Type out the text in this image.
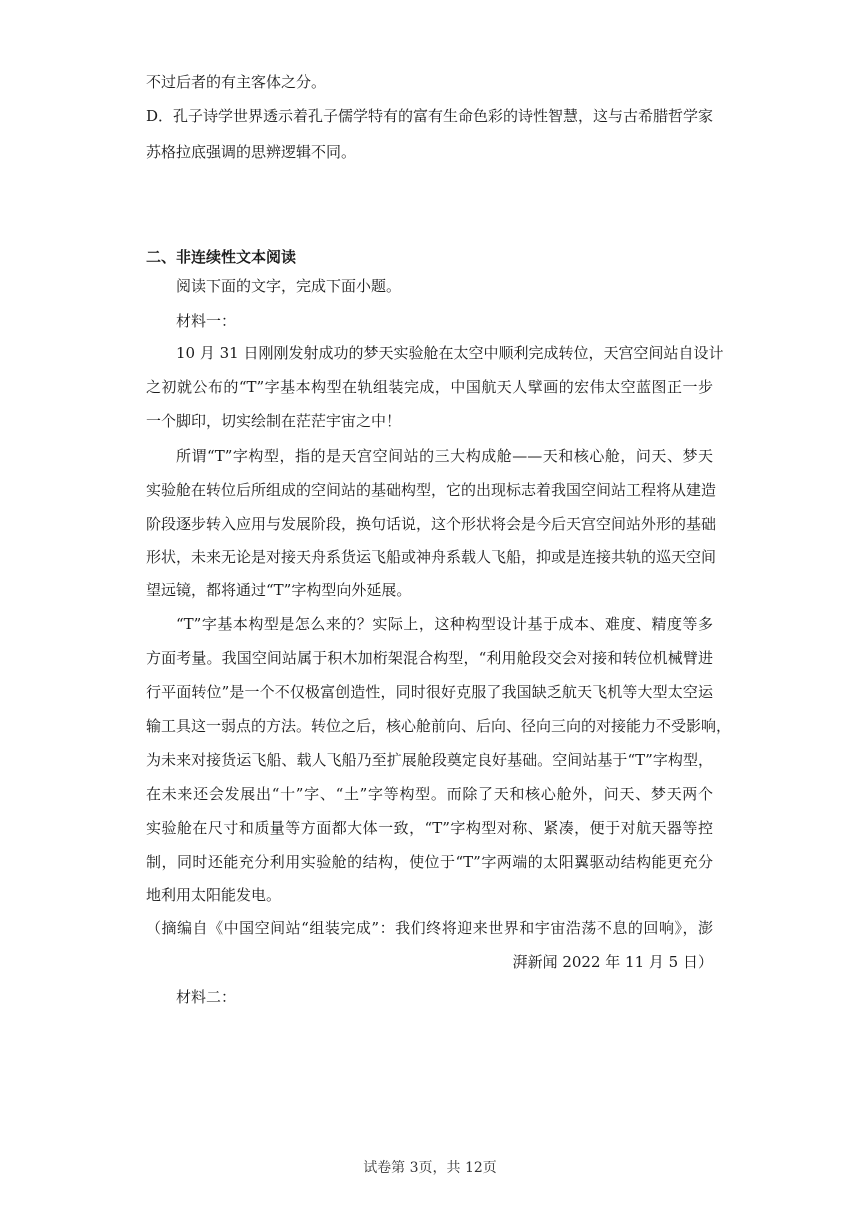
不过后者的有主客体之分。
D．孔子诗学世界透示着孔子儒学特有的富有生命色彩的诗性智慧，这与古希腊哲学家
苏格拉底强调的思辨逻辑不同。
二、非连续性文本阅读
阅读下面的文字，完成下面小题。
材料一：
10 月 31 日刚刚发射成功的梦天实验舱在太空中顺利完成转位，天宫空间站自设计
之初就公布的“T”字基本构型在轨组装完成，中国航天人擘画的宏伟太空蓝图正一步
一个脚印，切实绘制在茫茫宇宙之中！
所谓“T”字构型，指的是天宫空间站的三大构成舱——天和核心舱，问天、梦天
实验舱在转位后所组成的空间站的基础构型，它的出现标志着我国空间站工程将从建造
阶段逐步转入应用与发展阶段，换句话说，这个形状将会是今后天宫空间站外形的基础
形状，未来无论是对接天舟系货运飞船或神舟系载人飞船，抑或是连接共轨的巡天空间
望远镜，都将通过“T”字构型向外延展。
“T”字基本构型是怎么来的？实际上，这种构型设计基于成本、难度、精度等多
方面考量。我国空间站属于积木加桁架混合构型，“利用舱段交会对接和转位机械臂进
行平面转位”是一个不仅极富创造性，同时很好克服了我国缺乏航天飞机等大型太空运
输工具这一弱点的方法。转位之后，核心舱前向、后向、径向三向的对接能力不受影响，
为未来对接货运飞船、载人飞船乃至扩展舱段奠定良好基础。空间站基于“T”字构型，
在未来还会发展出“十”字、“土”字等构型。而除了天和核心舱外，问天、梦天两个
实验舱在尺寸和质量等方面都大体一致，“T”字构型对称、紧凑，便于对航天器等控
制，同时还能充分利用实验舱的结构，使位于“T”字两端的太阳翼驱动结构能更充分
地利用太阳能发电。
（摘编自《中国空间站“组装完成”：我们终将迎来世界和宇宙浩荡不息的回响》，澎
湃新闻 2022 年 11 月 5 日）
材料二：
试卷第 3页，共 12页
